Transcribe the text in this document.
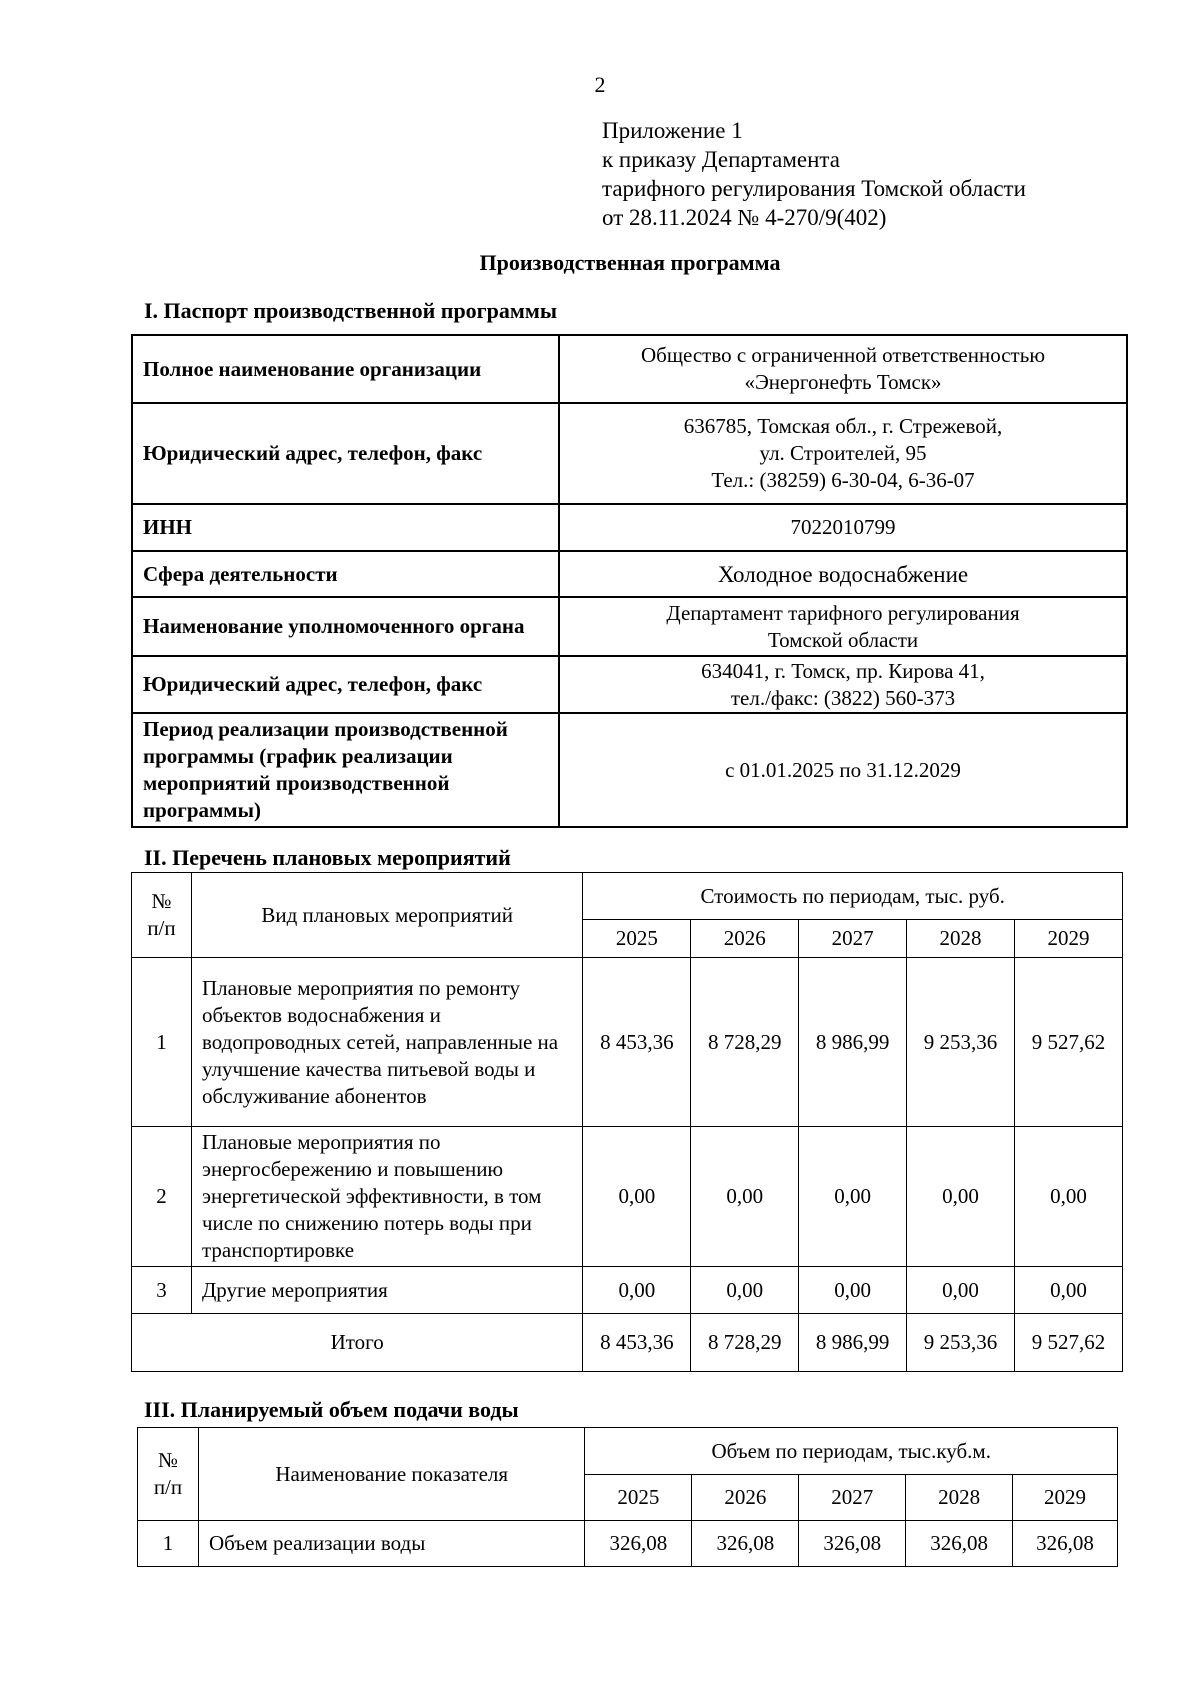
2
Приложение 1
к приказу Департамента
тарифного регулирования Томской области
от 28.11.2024 № 4-270/9(402)
Производственная программа
I. Паспорт производственной программы
Полное наименование организации	Общество с ограниченной ответственностью
«Энергонефть Томск»

Юридический адрес, телефон, факс	636785, Томская обл., г. Стрежевой,
ул. Строителей, 95
Тел.: (38259) 6-30-04, 6-36-07

ИНН	7022010799

Сфера деятельности	Холодное водоснабжение

Наименование уполномоченного органа	Департамент тарифного регулирования
Томской области

Юридический адрес, телефон, факс	634041, г. Томск, пр. Кирова 41,
тел./факс: (3822) 560-373

Период реализации производственной программы (график реализации мероприятий производственной программы)	с 01.01.2025 по 31.12.2029
II. Перечень плановых мероприятий
№ п/п	Вид плановых мероприятий	Стоимость по периодам, тыс. руб.				
		2025	2026	2027	2028	2029
1	Плановые мероприятия по ремонту объектов водоснабжения и водопроводных сетей, направленные на улучшение качества питьевой воды и обслуживание абонентов	8 453,36	8 728,29	8 986,99	9 253,36	9 527,62
2	Плановые мероприятия по энергосбережению и повышению энергетической эффективности, в том числе по снижению потерь воды при транспортировке	0,00	0,00	0,00	0,00	0,00
3	Другие мероприятия	0,00	0,00	0,00	0,00	0,00
Итого		8 453,36	8 728,29	8 986,99	9 253,36	9 527,62
III. Планируемый объем подачи воды
№ п/п	Наименование показателя	Объем по периодам, тыс.куб.м.				
		2025	2026	2027	2028	2029
1	Объем реализации воды	326,08	326,08	326,08	326,08	326,08
